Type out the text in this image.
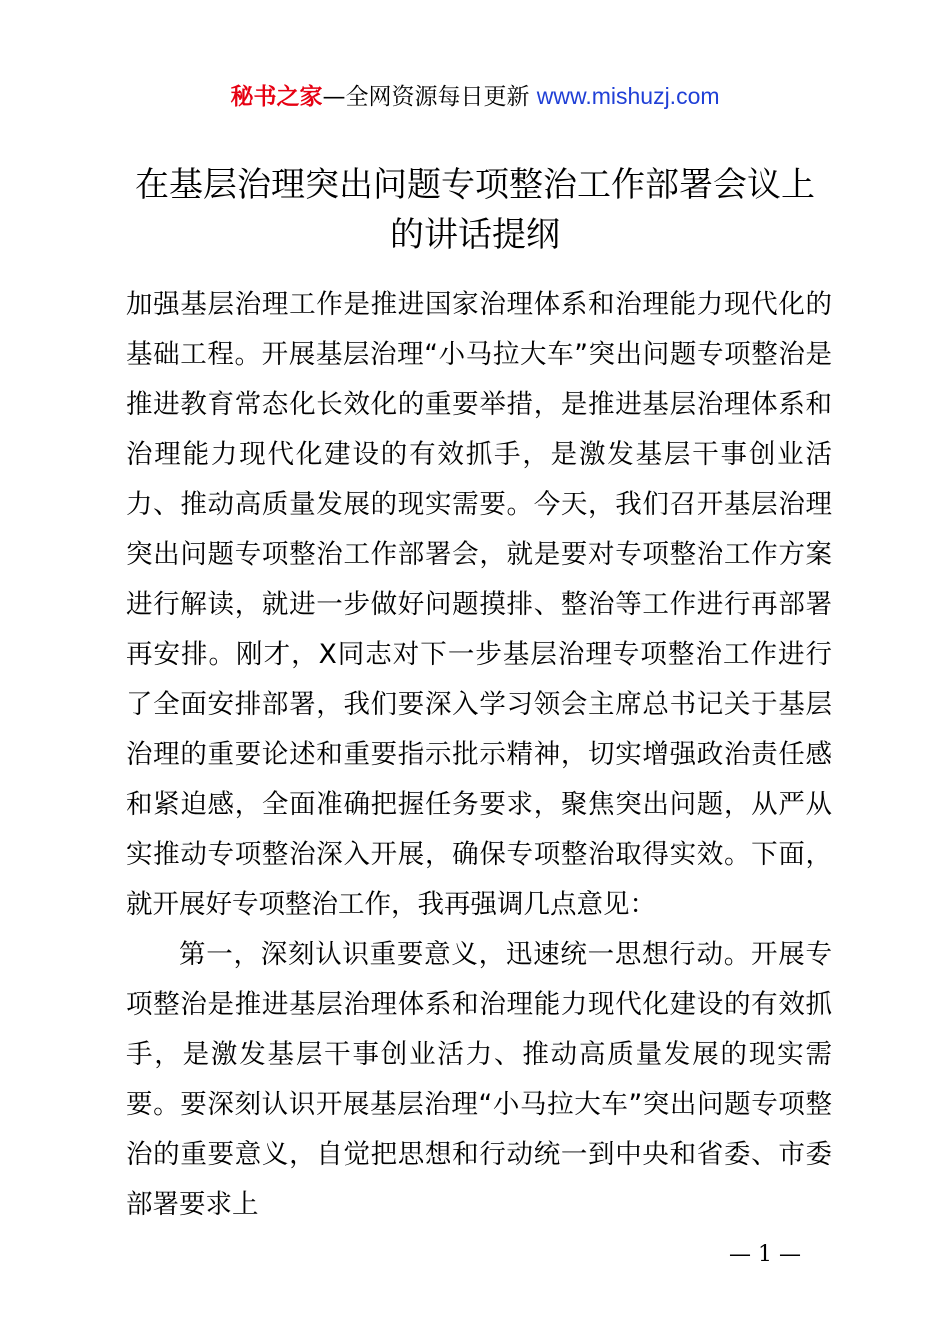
秘书之家—全网资源每日更新 www.mishuzj.com
在基层治理突出问题专项整治工作部署会议上
的讲话提纲

加强基层治理工作是推进国家治理体系和治理能力现代化的基础工程。开展基层治理“小马拉大车”突出问题专项整治是推进教育常态化长效化的重要举措，是推进基层治理体系和治理能力现代化建设的有效抓手，是激发基层干事创业活力、推动高质量发展的现实需要。今天，我们召开基层治理突出问题专项整治工作部署会，就是要对专项整治工作方案进行解读，就进一步做好问题摸排、整治等工作进行再部署再安排。刚才，X同志对下一步基层治理专项整治工作进行了全面安排部署，我们要深入学习领会主席总书记关于基层治理的重要论述和重要指示批示精神，切实增强政治责任感和紧迫感，全面准确把握任务要求，聚焦突出问题，从严从实推动专项整治深入开展，确保专项整治取得实效。下面，就开展好专项整治工作，我再强调几点意见：

第一，深刻认识重要意义，迅速统一思想行动。开展专项整治是推进基层治理体系和治理能力现代化建设的有效抓手，是激发基层干事创业活力、推动高质量发展的现实需要。要深刻认识开展基层治理“小马拉大车”突出问题专项整治的重要意义，自觉把思想和行动统一到中央和省委、市委部署要求上

— 1 —
